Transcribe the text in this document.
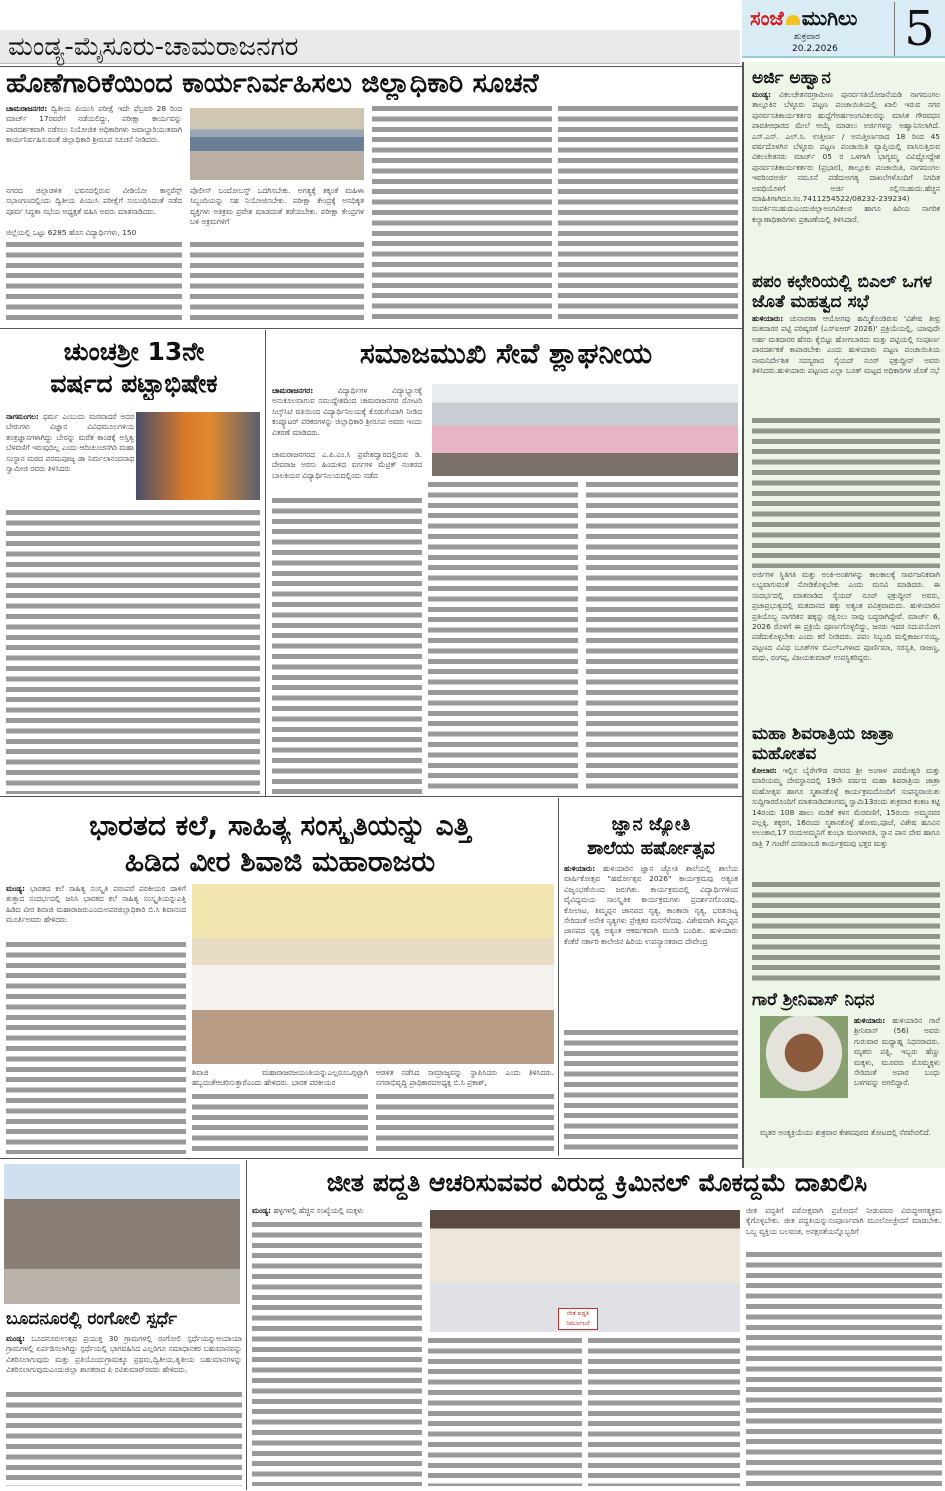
ಮಂಡ್ಯ-ಮೈಸೂರು-ಚಾಮರಾಜನಗರ
ಸಂಜೆ ಮುಗಿಲು
ಶುಕ್ರವಾರ
20.2.2026 5
ಹೊಣೆಗಾರಿಕೆಯಿಂದ ಕಾರ್ಯನಿರ್ವಹಿಸಲು ಜಿಲ್ಲಾಧಿಕಾರಿ ಸೂಚನೆ
ಚಾಮರಾಜನಗರ: ದ್ವಿತೀಯ ಪಿಯುಸಿ ಪರೀಕ್ಷೆ ಇದೇ ಫೆಬ್ರವರಿ 28 ರಿಂದ ಮಾರ್ಚ್ 17ರವರೆಗೆ ನಡೆಯಲಿದ್ದು, ಪರೀಕ್ಷಾ ಕಾರ್ಯವನ್ನು ಪಾರದರ್ಶಕವಾಗಿ ನಡೆಸಲು ನಿಯೋಜಿತ ಅಧಿಕಾರಿಗಳು ಜವಾಬ್ದಾರಿಯುತವಾಗಿ ಕಾರ್ಯನಿರ್ವಹಿಸುವಂತೆ ಜಿಲ್ಲಾಧಿಕಾರಿ ಶ್ರೀರೂಪ ಸೂಚನೆ ನೀಡಿದರು.
ನಗರದ ಜಿಲ್ಲಾಡಳಿತ ಭವನದಲ್ಲಿರುವ ವೀಡಿಯೋ ಕಾನ್ಫರೆನ್ಸ್ ಸಭಾಂಗಣದಲ್ಲಿಂದು ದ್ವಿತೀಯ ಪಿಯುಸಿ ಪರೀಕ್ಷೆಗೆ ಸಂಬಂಧಿಸಿದಂತೆ ನಡೆದ ಪೂರ್ವ ಸಿದ್ಧತಾ ಸಭೆಯ ಅಧ್ಯಕ್ಷತೆ ವಹಿಸಿ ಅವರು ಮಾತನಾಡಿದರು.
ಜಿಲ್ಲೆಯಲ್ಲಿ ಒಟ್ಟು 6285 ಹೊಸ ವಿದ್ಯಾರ್ಥಿಗಳು, 150
ಪೊಲೀಸ್ ಬಂದೋಬಸ್ತ್ ಒದಗಿಸಬೇಕು. ಅಗತ್ಯಕ್ಕೆ ತಕ್ಕಂತೆ ಮಹಿಳಾ ಸಿಬ್ಬಂದಿಯನ್ನು ಸಹ ನಿಯೋಜಿಸಬೇಕು. ಪರೀಕ್ಷಾ ಕೇಂದ್ರಕ್ಕೆ ಅನಧಿಕೃತ ವ್ಯಕ್ತಿಗಳು ಅತಿಕ್ರಮ ಪ್ರವೇಶ ಮಾಡದಂತೆ ತಡೆಯಬೇಕು. ಪರೀಕ್ಷಾ ಕೇಂದ್ರಗಳ ಬಳಿ ಅಕ್ರಮಗಳಿಗೆ
ಚುಂಚಶ್ರೀ 13ನೇ
ವರ್ಷದ ಪಟ್ಟಾಭಿಷೇಕ
ನಾಗಮಂಗಲ: ಧರ್ಮ ಎಂಬುದು ಮರವಾದರೆ ಅದರ ಬೇರುಗಳು ವಿಜ್ಞಾನ ವಿವಿಧಮೂಲಗಳಿಯ ತಂತ್ರಜ್ಞಾನಗಳಾಗಿದ್ದು ಬೇರನ್ನು ಮರೆತ ಕಾಂಡಕ್ಕೆ ಅಸ್ತಿತ್ವ ಬೆಳವಣಿಗೆ ಇರುವುದಿಲ್ಲ ಎಂದು ಆದಿಚುಂಚನಗಿರಿ ಮಹಾ ಸಂಸ್ಥಾನ ಮಠದ ಪರಮಪೂಜ್ಯ ಡಾ ನಿರ್ಮಲಾನಂದನಾಥ ಸ್ವಾಮೀಜಿ ರವರು ತಿಳಿಸಿದರು
ಸಮಾಜಮುಖಿ ಸೇವೆ ಶ್ಲಾಘನೀಯ
ಚಾಮರಾಜನಗರ:	ವಿದ್ಯಾರ್ಥಿಗಳ ವಿದ್ಯಾಭ್ಯಾಸಕ್ಕೆ ಅನುಕೂಲವಾಗುವ ಸಮುದ್ದೇಶದಿಂದ ಚಾಮರಾಜನಗರ ರೋಟರಿ ಸಿಲ್ಕ್‌ಸಿಟಿ ವತಿಯಿಂದ ವಿದ್ಯಾರ್ಥಿನಿಲಯಕ್ಕೆ ಕೊಡುಗೆಯಾಗಿ ನೀಡಿದ ಕಂಪ್ಯೂಟರ್ ಪರಿಕರಗಳನ್ನು ಜಿಲ್ಲಾಧಿಕಾರಿ ಶ್ರೀರೂಪ ಅವರು ಇಂದು ವಿತರಣೆ ಮಾಡಿದರು.
ಚಾಮರಾಜನಗರದ ಎ.ಪಿ.ಎಂ.ಸಿ ಪ್ರವೇಶದ್ವಾರದಲ್ಲಿರುವ ಡಿ. ದೇವರಾಜ ಅರಸು ಹಿಂದುಳಿದ ವರ್ಗಗಳ ಮೆಟ್ರಿಕ್ ನಂತರದ ಬಾಲಕಿಯರ ವಿದ್ಯಾರ್ಥಿನಿಲಯದಲ್ಲಿಂದು ನಡೆದ
ಭಾರತದ ಕಲೆ, ಸಾಹಿತ್ಯ ಸಂಸ್ಕೃತಿಯನ್ನು ಎತ್ತಿ
ಹಿಡಿದ ವೀರ ಶಿವಾಜಿ ಮಹಾರಾಜರು
ಮಂಡ್ಯ: ಭಾರತದ ಕಲೆ ಸಾಹಿತ್ಯ ಸಂಸ್ಕೃತಿ ಪರಂಪರೆ ಪರಕೀಯರ ದಾಳಿಗೆ ತುತ್ತಾದ ಸಂದರ್ಭದಲ್ಲಿ ಜನಿಸಿ ಭಾರತದ ಕಲೆ ಸಾಹಿತ್ಯ ಸಂಸ್ಕೃತಿಯನ್ನುಎತ್ತಿ ಹಿಡಿದ ವೀರ ಶಿವಾಜಿ ಮಹಾರಾಜರುಎಂದುಅಪರಜಿಲ್ಲಾಧಿಕಾರಿ ಬಿ.ಸಿ ಶಿವಾನಂದ ಮೂರ್ತಿಅವರು ಹೇಳಿದರು.
ಶಿವಾಜಿ ಮಹಾರಾಜರಜಯಂತಿಯನ್ನುಎಲ್ಲರೂಒಗ್ಗಟ್ಟಾಗಿ ಹಬ್ಬದಂತೆಆಚರಿಸುತ್ತಾರೆಎಂದು ಹೇಳಿದರು. ಭಾರತ ಪರಕೀಯರ
ಆಡಳಿತ ನಡೆಸಿದ ಸಾಮ್ರಾಜ್ಯವನ್ನು ಸ್ಥಾಪಿಸಿದರು ಎಂದು ತಿಳಿಸಿದರು. ನಗರಾಭಿವೃದ್ಧಿ ಪ್ರಾಧಿಕಾರದಅಧ್ಯಕ್ಷ ಬಿ.ಸಿ ಪ್ರಕಾಶ್,
ಜ್ಞಾನ ಜ್ಯೋತಿ
ಶಾಲೆಯ ಹರ್ಷೋತ್ಸವ
ಹುಳಿಯಾರು: ಹುಳಿಯಾರಿನ ಜ್ಞಾನ ಜ್ಯೋತಿ ಶಾಲೆಯಲ್ಲಿ ಶಾಲೆಯ ವಾರ್ಷಿಕೋತ್ಸವ "ಹರ್ಷೋತ್ಸವ 2026" ಕಾರ್ಯಕ್ರಮವು ಅತ್ಯಂತ ವಿಜೃಂಭಣೆಯಿಂದ ಜರುಗಿತು. ಕಾರ್ಯಕ್ರಮದಲ್ಲಿ ವಿದ್ಯಾರ್ಥಿಗಳಿಂದ ವೈವಿಧ್ಯಮಯ ಸಾಂಸ್ಕೃತಿಕ ಕಾರ್ಯಕ್ರಮಗಳು ಪ್ರದರ್ಶನಗೊಂಡವು. ಕೋಲಾಟ, ತಿಮ್ಮಪ್ಪನ ಜಾನಪದ ನೃತ್ಯ, ಕಾಂತಾರಾ ನೃತ್ಯ, ಭರತನಾಟ್ಯ ಸೇರಿದಂತೆ ಅನೇಕ ನೃತ್ಯಗಳು ಪ್ರೇಕ್ಷಕರ ಮನಸೆಳೆದವು. ವಿಶೇಷವಾಗಿ ತಿಮ್ಮಪ್ಪನ ಜಾನಪದ ನೃತ್ಯ ಅತ್ಯಂತ ಆಕರ್ಷಕವಾಗಿ ಮೂಡಿ ಬಂದಿತು. ಹುಳಿಯಾರು ಕೆಂಕೆರೆ ಸರ್ಕಾರಿ ಕಾಲೇಜಿನ ಹಿರಿಯ ಉಪನ್ಯಾಸಕರಾದ ದೇವೇಂದ್ರ
ಬೂದನೂರಲ್ಲಿ ರಂಗೋಲಿ ಸ್ಪರ್ಧೆ
ಮಂಡ್ಯ: ಬೂದನೂರುಉತ್ಸವ ಪ್ರಯುಕ್ತ 30 ಗ್ರಾಮಗಳಲ್ಲಿ ರಂಗೋಲಿ ಸ್ಪರ್ಧೆಯನ್ನುಆಯಾಯಾ ಗ್ರಾಮಗಳಲ್ಲಿ ಏರ್ಪಡಿಸಲಾಗಿದ್ದು ಸ್ಪರ್ಧೆಯಲ್ಲಿ ಭಾಗವಹಿಸಿದ ಎಲ್ಲರಿಗೂ ಸಮಾಧಾನಕರ ಬಹುಮಾನವನ್ನು ವಿತರಿಸಲಾಗುವುದು ಮತ್ತು ಪ್ರತಿಯೊಂದುಗ್ರಾಮಕ್ಕೂ ಪ್ರಥಮ,ದ್ವಿತೀಯ,ತೃತೀಯ ಬಹುಮಾನಗಳನ್ನು ವಿತರಿಸಲಾಗುವುದುಎಂದುಜಿಲ್ಲಾ ಶಾಸಕರಾದ ಪಿ ರವಿಕುಮಾರ್‌ರವರು ಹೇಳಿದರು.
ಜೀತ ಪದ್ಧತಿ ಆಚರಿಸುವವರ ವಿರುದ್ಧ ಕ್ರಿಮಿನಲ್ ಮೊಕದ್ದಮೆ ದಾಖಲಿಸಿ
ಮಂಡ್ಯ: ಹಳ್ಳಗಳಲ್ಲಿ ಹೆಚ್ಚಿನ ಸಂಖ್ಯೆಯಲ್ಲಿ ಮಕ್ಕಳು
ಜೀತ ಪದ್ಧತಿ ನಿರ್ಮೂಲನೆ
ಜೀತ ಪದ್ಧತಿಗೆ ಪರೋಕ್ಷವಾಗಿ ಪ್ರಚೋದನೆ ನೀಡುವವರ ವಿರುದ್ಧಆಗತ್ಯಕ್ರಮ ಕೈಗೊಳ್ಳಬೇಕು. ಜೀತ ಪದ್ಧತಿಯನ್ನುಸಂಪೂರ್ಣವಾಗಿ ಮೂಲೋಚ್ಛೇದನೆ ಮಾಡಬೇಕು. ಒಬ್ಬ ವ್ಯಕ್ತಿಯ ಬಲವಂತ, ಅನಕ್ಷರತೆಯನ್ನೊಬ್ಬರಿಗೆ
ಅರ್ಜಿ ಅಹ್ವಾನ
ಮಂಡ್ಯ: ವಿಕಲಚೇತನರಗ್ರಾಮೀಣ ಪುನರ್ವಸತಿಯೋಜನೆಯಡಿ ನಾಗಮಂಗಲ ತಾಲ್ಲೂಕಿನ ಬೆಳ್ಳೂರು ಪಟ್ಟಣ ಪಂಚಾಯಿತಿಯಲ್ಲಿ ಖಾಲಿ ಇರುವ ನಗರ ಪುನರ್ವಸತಿಕಾರ್ಯಕರ್ತರ ಹುದ್ದೆಗೆಅರ್ಹಅಂಗವಿಕಲರನ್ನು ಮಾಸಿಕ ಗೌರವಧನ ಪಾವತಿಆಧಾರದ ಮೇಲೆ ಆಯ್ಕೆ ಮಾಡಲು ಅರ್ಜಿಗಳನ್ನು ಅಹ್ವಾನಿಸಲಾಗಿದೆ. ಎಸ್.ಎಸ್. ಎಲ್.ಸಿ. ಉತ್ತೀರ್ಣ / ಅನುತ್ತೀರ್ಣರಾದ 18 ರಿಂದ 45 ವರ್ಷದೊಳಗಿನ ಬೆಳ್ಳೂರು ಪಟ್ಟಣ ಪಂಚಾಯಿತಿ ವ್ಯಾಪ್ತಿಯಲ್ಲಿ ವಾಸಿಸುತ್ತಿರುವ ವಿಕಲಚೇತನರು ಮಾರ್ಚ್ 05 ರ ಒಳಗಾಗಿ ಭಾಗ್ಯಮ್ಮ ವಿವಿಧ್ಧೋದ್ದೇಶ ಪುನರ್ವಸತಿಕಾರ್ಯಕರ್ತರು (ಪ್ರಭಾರ), ತಾಲ್ಲೂಕು ಪಂಚಾಯಿತಿ, ನಾಗಮಂಗಲ ಇವರಿಂದಅರ್ಜಿ ನಮೂನೆ ಪಡೆದುಅಗತ್ಯ ದಾಖಲೆಗಳೊಂದಿಗೆ ನಿಗದಿತ ಅವಧಿಯೊಳಗೆ ಅರ್ಜಿ ಸಲ್ಲಿಸಬಹುದು.ಹೆಚ್ಚಿನ ಮಾಹಿತಿಗಾಗಿದೂ.ಸಂ.7411254522/08232-239234) ಸಂಪರ್ಕಿಸಬಹುದುಎಂದುಜಿಲ್ಲಾಅಂಗವಿಕಲರ ಹಾಗೂ ಹಿರಿಯ ನಾಗರಿಕ ಕಲ್ಯಾಣಾಧಿಕಾರಿಗಳು ಪ್ರಕಟಣೆಯಲ್ಲಿ ತಿಳಿಸಿದಾರೆ.
ಪಪಂ ಕಛೇರಿಯಲ್ಲಿ ಬಿಎಲ್ ಒಗಳ ಜೊತೆ ಮಹತ್ವದ ಸಭೆ
ಹುಳಿಯಾರು: ಚುನಾವಣಾ ಆಯೋಗವು ಹಮ್ಮಿಕೊಂಡಿರುವ 'ವಿಶೇಷ ತೀವ್ರ ಮತದಾರರ ಪಟ್ಟಿ ಪರಿಷ್ಕರಣೆ (ಎಸ್‌ಐಆರ್ 2026)' ಪ್ರಕ್ರಿಯೆಯಲ್ಲಿ, ಯಾವುದೇ ಅರ್ಹ ಮತದಾರರ ಹೆಸರು ಕೈಬಿಟ್ಟು ಹೋಗಬಾರದು ಮತ್ತು ಪಟ್ಟಿಯಲ್ಲಿ ಸಂಪೂರ್ಣ ಪಾರದರ್ಶಕತೆ ಕಾಪಾಡಬೇಕು ಎಂದು ಹುಳಿಯಾರು ಪಟ್ಟಣ ಪಂಚಾಯಿತಿಯ ನಾಮನಿರ್ದೇಶಿತ ಸದಸ್ಯರಾದ ಸೈಯದ್ ನೂರ್ ಫಕ್ರುದ್ದೀನ್ ಅವರು ತಿಳಿಸಿದರು.ಹುಳಿಯಾರು ಪಟ್ಟಣದ ಎಲ್ಲಾ ಬೂತ್ ಮಟ್ಟದ ಅಧಿಕಾರಿಗಳ ಜೊತೆ ಸಭೆ
ಅರ್ಜಿಗಳ ಸ್ಥಿತಿಗತಿ ಮತ್ತು ಅಂಕಿ-ಅಂಶಗಳನ್ನು ಕಾಲಕಾಲಕ್ಕೆ ಸಾರ್ವಜನಿಕವಾಗಿ ಲಭ್ಯವಾಗುವಂತೆ ನೋಡಿಕೊಳ್ಳಬೇಕು ಎಂದು ಮನವಿ ಮಾಡಿದರು. ಈ ಸಂದರ್ಭದಲ್ಲಿ ಮಾತನಾಡಿದ ಸೈಯದ್ ನೂರ್ ಫಕ್ರುದ್ದೀನ್ ಅವರು, ಪ್ರಜಾಪ್ರಭುತ್ವದಲ್ಲಿ ಮತದಾನದ ಹಕ್ಕು ಅತ್ಯಂತ ಪವಿತ್ರವಾದುದು. ಹುಳಿಯಾರಿನ ಪ್ರತಿಯೊಬ್ಬ ನಾಗರಿಕನ ಹಕ್ಕನ್ನು ರಕ್ಷಿಸಲು ನಾವು ಬದ್ಧರಾಗಿದ್ದೇವೆ. ಮಾರ್ಚ್ 6, 2026 ರೊಳಗೆ ಈ ಪ್ರಕ್ರಿಯೆ ಪೂರ್ಣಗೊಳ್ಳಲಿದ್ದು, ಜನರು ಇದರ ಸದುಪಯೋಗ ಪಡೆದುಕೊಳ್ಳಬೇಕು ಎಂದು ಕರೆ ನೀಡಿದರು. ಪಪಂ ಸಿಬ್ಬಂದಿ ಮಲ್ಲಿಕಾರ್ಜುನಯ್ಯ, ಪಟ್ಟಣದ ವಿವಿಧ ಬೂತ್‌ಗಳ ಬಿಎಲ್‌ಒಗಳಾದ ಪೂರ್ಣಿಮಾ, ಸರಸ್ವತಿ, ರಾಜಣ್ಣ, ಮಧು, ರಂಗಪ್ಪ, ವಿಜಯಕುಮಾರ್ ಉಪಸ್ಥಿತರಿದ್ದರು.
ಮಹಾ ಶಿವರಾತ್ರಿಯ ಜಾತ್ರಾ ಮಹೋತವ
ಕೋಲಾರ: ಇಲ್ಲಿನ ಬೈರೇಗೌಡ ನಗರದ ಶ್ರೀ ಅಂಗಾಳ ಪರಮೇಶ್ವರಿ ಮತ್ತು ಮಾರಿಯಮ್ಮ ದೇವಸ್ಥಾನದಲ್ಲಿ 19ನೇ ವರ್ಷದ ಮಹಾ ಶಿವರಾತ್ರಿಯ ಜಾತ್ರಾ ಮಹೋತ್ಸವ ಹಾಗೂ ಸ್ಮಶಾನಕೊಳ್ಳೆ ಕಾರ್ಯಕ್ರಮದೊಂದಿಗೆ ಸಂಪನ್ನವಾಯಿತು ಸುದ್ದಿಗಾರರೊಂದಿಗೆ ಮಾತನಾಡಿದತಂಗಮ್ಮ ಸ್ವಾಮಿ13ರಂದು ಶುಕ್ರವಾರ ಕಂಕಣ ಕಟ್ಟಿ 14ರಂದು 108 ಹಾಲು ಮಡಿಕೆ ಕಳಸ ಮೆರವಣಿಗೆ, 15ರಂದು ಅಮ್ಮನವರ ಪಲ್ಲಕ್ಕಿ, ತಕ್ಕರಗ, 16ರಂದು ಸ್ಮಶಾನಕೊಳ್ಳೆ ಹೋಮ,ಪೂಜೆ, ವಿಶೇಷ ಹೂವಿನ ಅಲಂಕಾರ,17 ರಂದುಅಮ್ಮನಿಗೆ ಕುಂಭಾ ಮಂಗಳಾರತಿ, ಸ್ನಾನ ಪಾನ ದೇವ ಹಾಗೂ ರಾತ್ರಿ 7 ಗಂಟೆಗೆ ದಸವಾಂಬರಿ ಕಾರ್ಯಕ್ರಮವು ಭಕ್ತರ ಮತ್ತು
ಗಾರೆ ಶ್ರೀನಿವಾಸ್ ನಿಧನ
ಹುಳಿಯಾರು: ಹುಳಿಯಾರಿನ ಗಾರೆ ಶ್ರೀನಿವಾಸ್ (56) ಅವರು ಗುರುವಾರ ಮಧ್ಯಾಹ್ನ ನಿಧನರಾದರು. ಮೃತರು ಪತ್ನಿ, ಇಬ್ಬರು ಹೆಣ್ಣು ಮಕ್ಕಳು, ಮೂವರು ಮೊಮ್ಮಕ್ಕಳು ಸೇರಿದಂತೆ ಅಪಾರ ಬಂಧು ಬಳಗವನ್ನು ಅಗಲಿದ್ದಾರೆ.
ಮೃತರ ಅಂತ್ಯಕ್ರಿಯೆಯು ಶುಕ್ರವಾರ ಕೇಶವಪುರದ ತೋಟದಲ್ಲಿ ನೆರವೇರಲಿದೆ.
